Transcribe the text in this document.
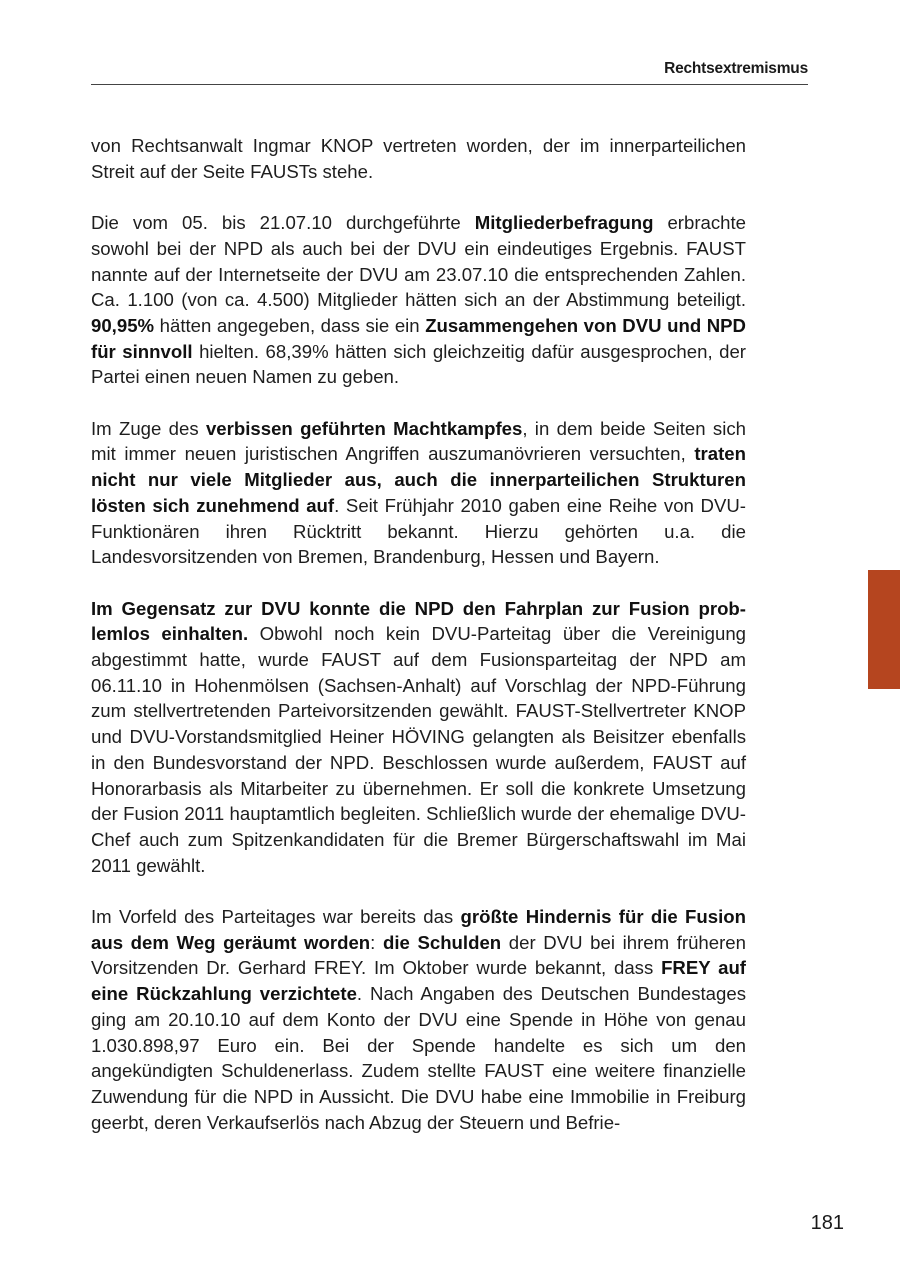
Rechtsextremismus

von Rechtsanwalt Ingmar KNOP vertreten worden, der im innerparteilichen Streit auf der Seite FAUSTs stehe.

Die vom 05. bis 21.07.10 durchgeführte Mitgliederbefragung erbrachte sowohl bei der NPD als auch bei der DVU ein eindeutiges Ergebnis. FAUST nannte auf der Internetseite der DVU am 23.07.10 die entsprechenden Zahlen. Ca. 1.100 (von ca. 4.500) Mitglieder hätten sich an der Abstimmung beteiligt. 90,95% hätten angegeben, dass sie ein Zusammengehen von DVU und NPD für sinnvoll hielten. 68,39% hätten sich gleichzeitig dafür ausgesprochen, der Partei einen neuen Namen zu geben.

Im Zuge des verbissen geführten Machtkampfes, in dem beide Seiten sich mit immer neuen juristischen Angriffen auszumanövrieren versuchten, traten nicht nur viele Mitglieder aus, auch die innerparteilichen Strukturen lösten sich zunehmend auf. Seit Frühjahr 2010 gaben eine Reihe von DVU-Funktionären ihren Rücktritt bekannt. Hierzu gehörten u.a. die Landesvorsitzenden von Bremen, Brandenburg, Hessen und Bayern.

Im Gegensatz zur DVU konnte die NPD den Fahrplan zur Fusion problemlos einhalten. Obwohl noch kein DVU-Parteitag über die Vereinigung abgestimmt hatte, wurde FAUST auf dem Fusionsparteitag der NPD am 06.11.10 in Hohenmölsen (Sachsen-Anhalt) auf Vorschlag der NPD-Führung zum stellvertretenden Parteivorsitzenden gewählt. FAUST-Stellvertreter KNOP und DVU-Vorstandsmitglied Heiner HÖVING gelangten als Beisitzer ebenfalls in den Bundesvorstand der NPD. Beschlossen wurde außerdem, FAUST auf Honorarbasis als Mitarbeiter zu übernehmen. Er soll die konkrete Umsetzung der Fusion 2011 hauptamtlich begleiten. Schließlich wurde der ehemalige DVU-Chef auch zum Spitzenkandidaten für die Bremer Bürgerschaftswahl im Mai 2011 gewählt.

Im Vorfeld des Parteitages war bereits das größte Hindernis für die Fusion aus dem Weg geräumt worden: die Schulden der DVU bei ihrem früheren Vorsitzenden Dr. Gerhard FREY. Im Oktober wurde bekannt, dass FREY auf eine Rückzahlung verzichtete. Nach Angaben des Deutschen Bundestages ging am 20.10.10 auf dem Konto der DVU eine Spende in Höhe von genau 1.030.898,97 Euro ein. Bei der Spende handelte es sich um den angekündigten Schuldenerlass. Zudem stellte FAUST eine weitere finanzielle Zuwendung für die NPD in Aussicht. Die DVU habe eine Immobilie in Freiburg geerbt, deren Verkaufserlös nach Abzug der Steuern und Befrie-

181
